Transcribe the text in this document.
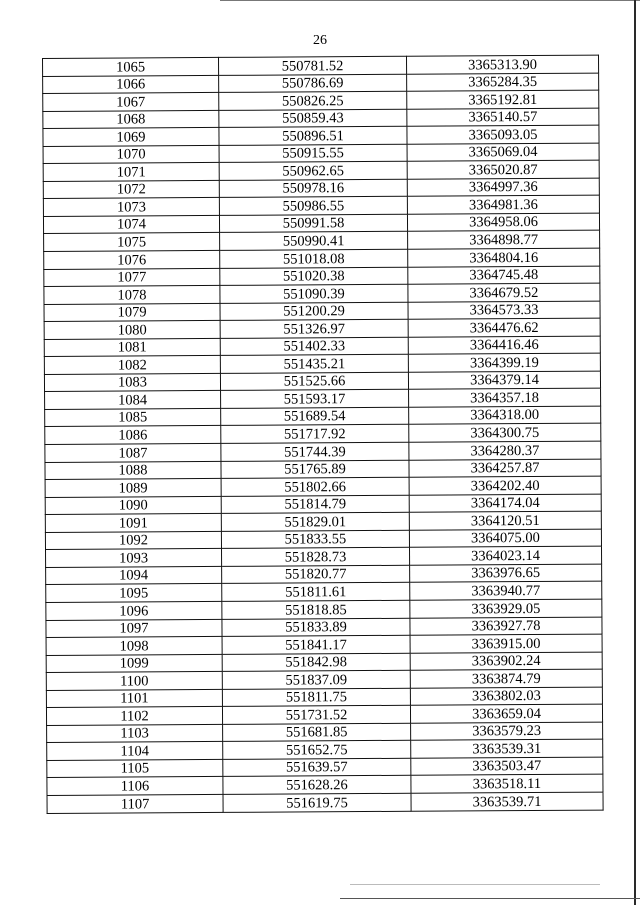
26
1065	550781.52	3365313.90
1066	550786.69	3365284.35
1067	550826.25	3365192.81
1068	550859.43	3365140.57
1069	550896.51	3365093.05
1070	550915.55	3365069.04
1071	550962.65	3365020.87
1072	550978.16	3364997.36
1073	550986.55	3364981.36
1074	550991.58	3364958.06
1075	550990.41	3364898.77
1076	551018.08	3364804.16
1077	551020.38	3364745.48
1078	551090.39	3364679.52
1079	551200.29	3364573.33
1080	551326.97	3364476.62
1081	551402.33	3364416.46
1082	551435.21	3364399.19
1083	551525.66	3364379.14
1084	551593.17	3364357.18
1085	551689.54	3364318.00
1086	551717.92	3364300.75
1087	551744.39	3364280.37
1088	551765.89	3364257.87
1089	551802.66	3364202.40
1090	551814.79	3364174.04
1091	551829.01	3364120.51
1092	551833.55	3364075.00
1093	551828.73	3364023.14
1094	551820.77	3363976.65
1095	551811.61	3363940.77
1096	551818.85	3363929.05
1097	551833.89	3363927.78
1098	551841.17	3363915.00
1099	551842.98	3363902.24
1100	551837.09	3363874.79
1101	551811.75	3363802.03
1102	551731.52	3363659.04
1103	551681.85	3363579.23
1104	551652.75	3363539.31
1105	551639.57	3363503.47
1106	551628.26	3363518.11
1107	551619.75	3363539.71
